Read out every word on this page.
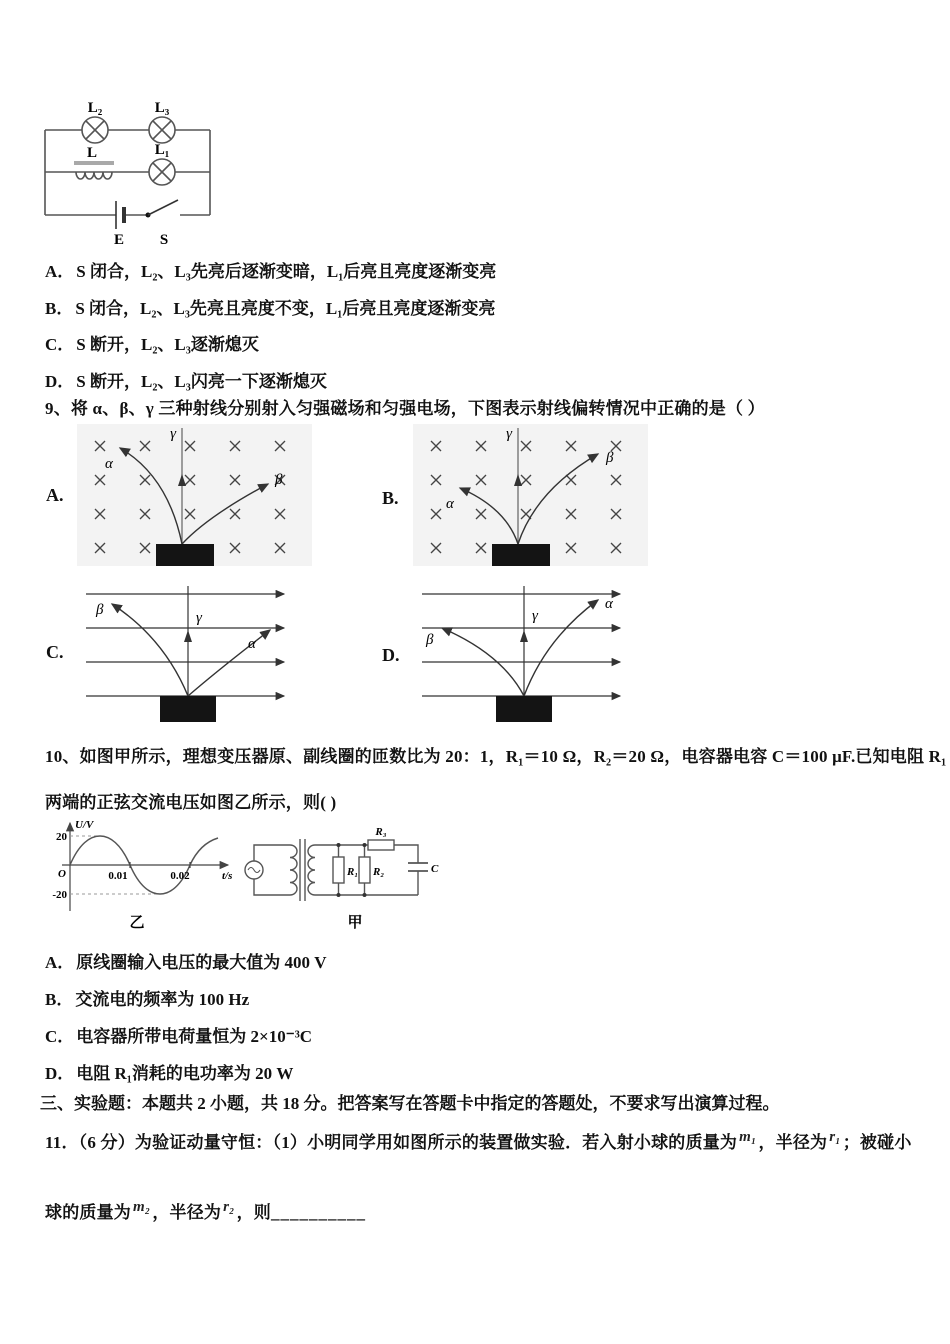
L₂	L₃
L	L₁
E S
A． S 闭合，L₂、L₃先亮后逐渐变暗，L₁后亮且亮度逐渐变亮
B． S 闭合，L₂、L₃先亮且亮度不变，L₁后亮且亮度逐渐变亮
C． S 断开，L₂、L₃逐渐熄灭
D． S 断开，L₂、L₃闪亮一下逐渐熄灭
9、将 α、β、γ 三种射线分别射入匀强磁场和匀强电场，下图表示射线偏转情况中正确的是（ ）
A.
γ
α
β
B.
γ
α
β
C.
β	γ
α
D.
β
γ
α
10、如图甲所示，理想变压器原、副线圈的匝数比为 20：1，R₁＝10 Ω，R₂＝20 Ω，电容器电容 C＝100 μF.已知电阻 R₁
两端的正弦交流电压如图乙所示，则( )
U/V
20
-20
O	0.01	0.02	t/s
乙
R₃
R₁ R₂	C
甲
A． 原线圈输入电压的最大值为 400 V
B． 交流电的频率为 100 Hz
C． 电容器所带电荷量恒为 2×10⁻³C
D． 电阻 R₁消耗的电功率为 20 W
三、实验题：本题共 2 小题，共 18 分。把答案写在答题卡中指定的答题处，不要求写出演算过程。
11．（6 分）为验证动量守恒：（1）小明同学用如图所示的装置做实验．若入射小球的质量为 m₁ ，半径为 r₁ ；被碰小
球的质量为 m₂ ，半径为 r₂ ，则__________
